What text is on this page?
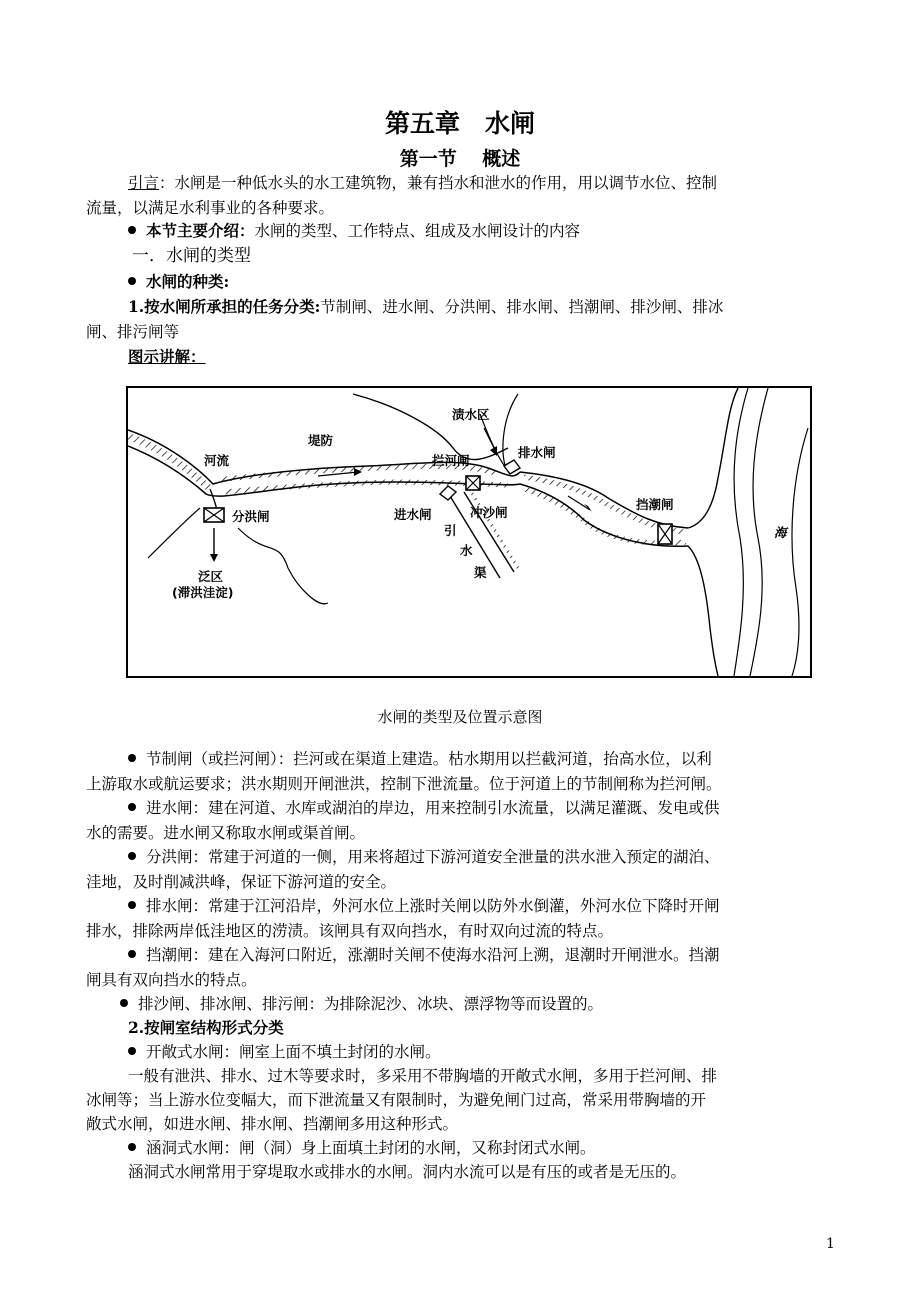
第五章　水闸
第一节　 概述
引言：水闸是一种低水头的水工建筑物，兼有挡水和泄水的作用，用以调节水位、控制
流量，以满足水利事业的各种要求。
本节主要介绍：水闸的类型、工作特点、组成及水闸设计的内容
一．水闸的类型
水闸的种类:
1.按水闸所承担的任务分类:节制闸、进水闸、分洪闸、排水闸、挡潮闸、排沙闸、排冰
闸、排污闸等
图示讲解：
渍水区
排水闸
堤防
河流	拦河闸
挡潮闸
进水闸	冲沙闸
引
水
渠
分洪闸
泛区
(滞洪洼淀)
海
水闸的类型及位置示意图
节制闸（或拦河闸）：拦河或在渠道上建造。枯水期用以拦截河道，抬高水位，以利
上游取水或航运要求；洪水期则开闸泄洪，控制下泄流量。位于河道上的节制闸称为拦河闸。
进水闸：建在河道、水库或湖泊的岸边，用来控制引水流量，以满足灌溉、发电或供
水的需要。进水闸又称取水闸或渠首闸。
分洪闸：常建于河道的一侧，用来将超过下游河道安全泄量的洪水泄入预定的湖泊、
洼地，及时削减洪峰，保证下游河道的安全。
排水闸：常建于江河沿岸，外河水位上涨时关闸以防外水倒灌，外河水位下降时开闸
排水，排除两岸低洼地区的涝渍。该闸具有双向挡水，有时双向过流的特点。
挡潮闸：建在入海河口附近，涨潮时关闸不使海水沿河上溯，退潮时开闸泄水。挡潮
闸具有双向挡水的特点。
排沙闸、排冰闸、排污闸：为排除泥沙、冰块、漂浮物等而设置的。
2.按闸室结构形式分类
开敞式水闸：闸室上面不填土封闭的水闸。
一般有泄洪、排水、过木等要求时，多采用不带胸墙的开敞式水闸，多用于拦河闸、排
冰闸等；当上游水位变幅大，而下泄流量又有限制时，为避免闸门过高，常采用带胸墙的开
敞式水闸，如进水闸、排水闸、挡潮闸多用这种形式。
涵洞式水闸：闸（洞）身上面填土封闭的水闸，又称封闭式水闸。
涵洞式水闸常用于穿堤取水或排水的水闸。洞内水流可以是有压的或者是无压的。
1
